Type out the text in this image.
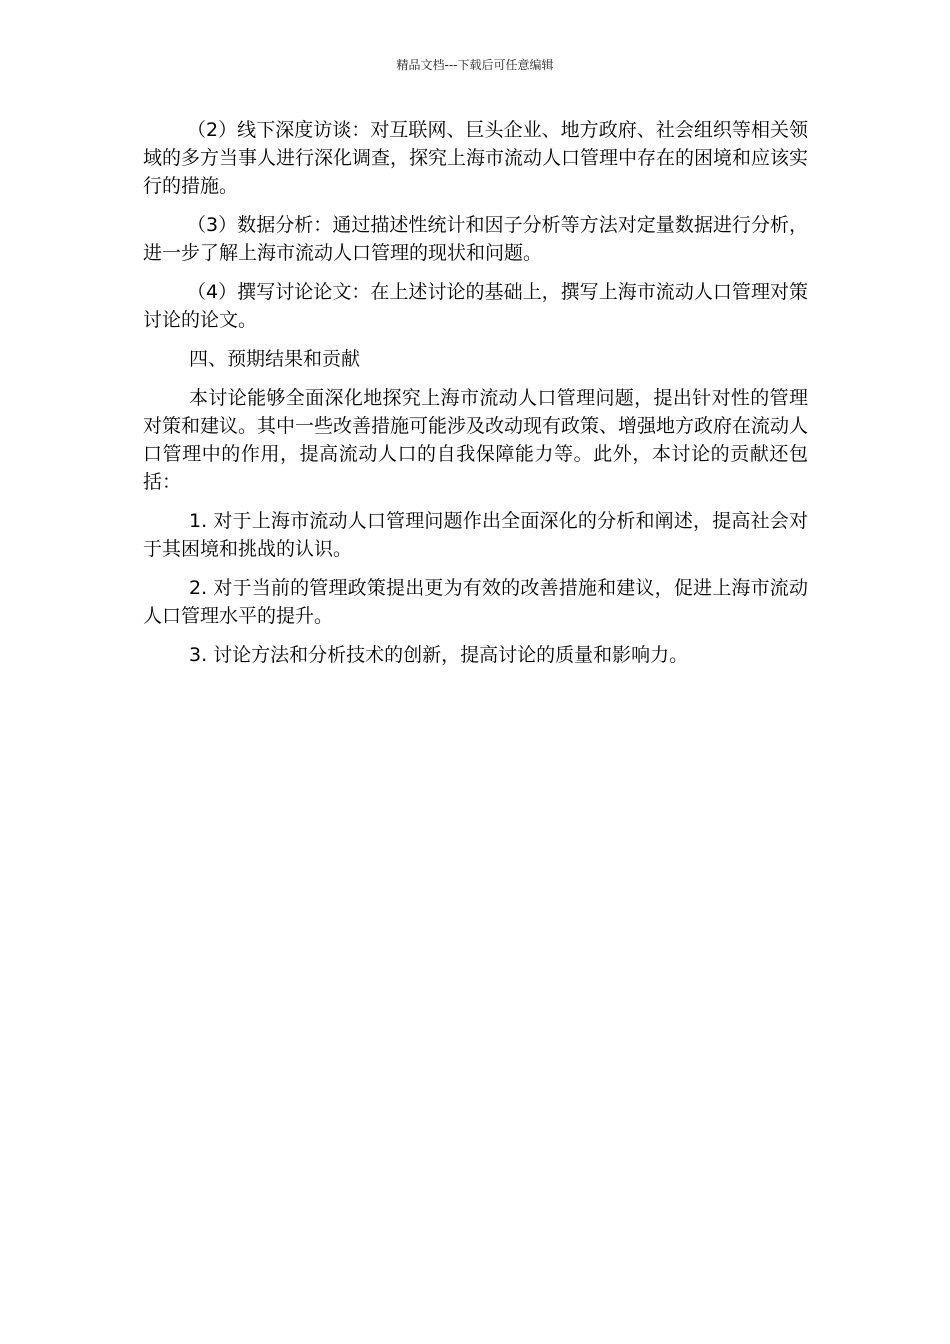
精品文档---下载后可任意编辑

（2）线下深度访谈：对互联网、巨头企业、地方政府、社会组织等相关领域的多方当事人进行深化调查，探究上海市流动人口管理中存在的困境和应该实行的措施。

（3）数据分析：通过描述性统计和因子分析等方法对定量数据进行分析，进一步了解上海市流动人口管理的现状和问题。

（4）撰写讨论论文：在上述讨论的基础上，撰写上海市流动人口管理对策讨论的论文。

四、预期结果和贡献

本讨论能够全面深化地探究上海市流动人口管理问题，提出针对性的管理对策和建议。其中一些改善措施可能涉及改动现有政策、增强地方政府在流动人口管理中的作用，提高流动人口的自我保障能力等。此外，本讨论的贡献还包括：

1. 对于上海市流动人口管理问题作出全面深化的分析和阐述，提高社会对于其困境和挑战的认识。

2. 对于当前的管理政策提出更为有效的改善措施和建议，促进上海市流动人口管理水平的提升。

3. 讨论方法和分析技术的创新，提高讨论的质量和影响力。
